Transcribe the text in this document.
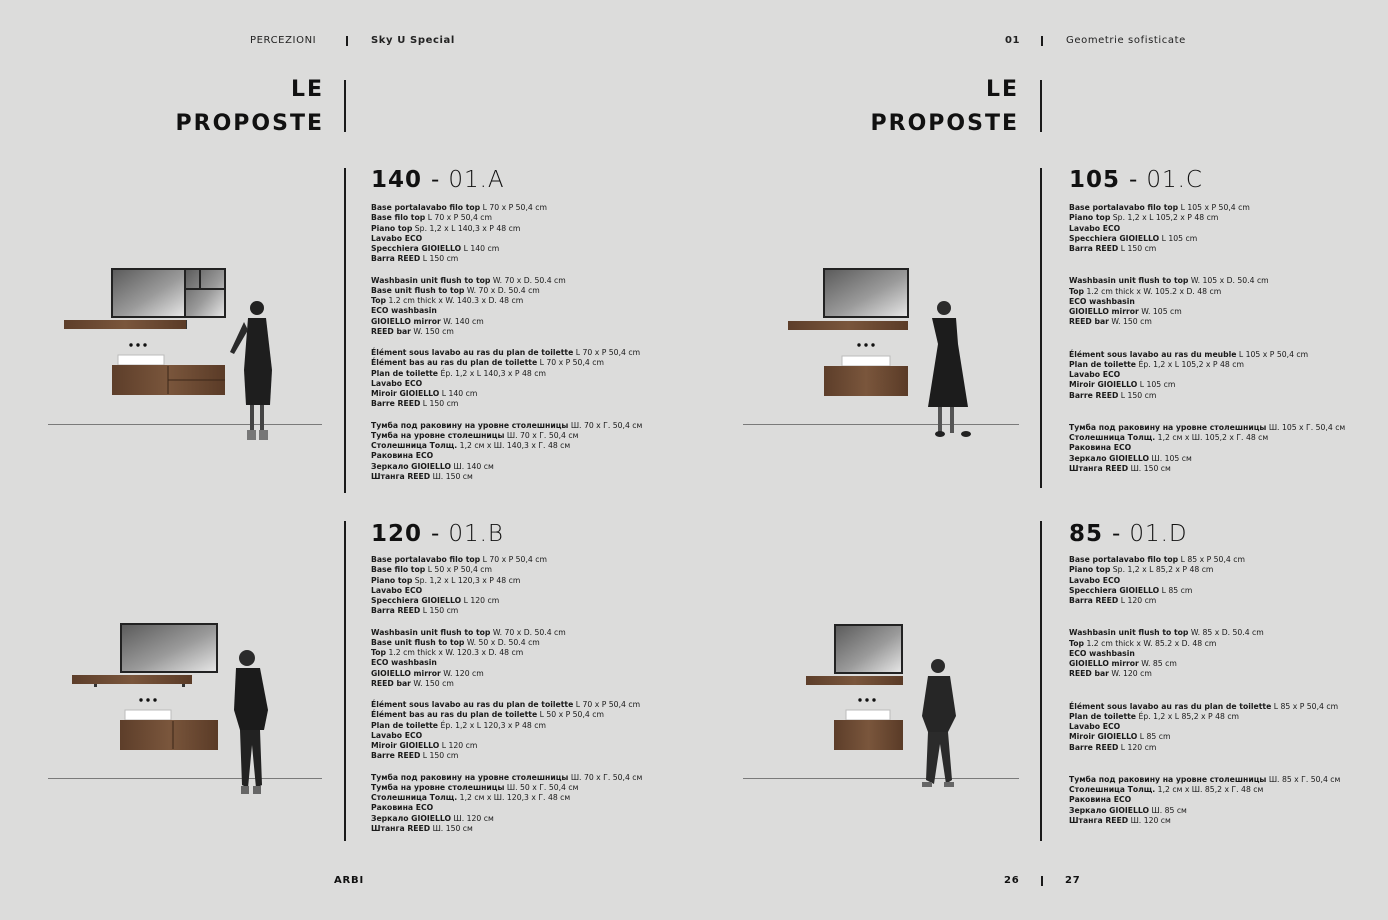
PERCEZIONI	Sky U Special	01	Geometrie sofisticate
LE
PROPOSTE
LE
PROPOSTE
140 - 01.A
Base portalavabo filo top L 70 x P 50,4 cm
Base filo top L 70 x P 50,4 cm
Piano top Sp. 1,2 x L 140,3 x P 48 cm
Lavabo ECO
Specchiera GIOIELLO L 140 cm
Barra REED L 150 cm
Washbasin unit flush to top W. 70 x D. 50.4 cm
Base unit flush to top W. 70 x D. 50.4 cm
Top 1.2 cm thick x W. 140.3 x D. 48 cm
ECO washbasin
GIOIELLO mirror W. 140 cm
REED bar W. 150 cm
Élément sous lavabo au ras du plan de toilette L 70 x P 50,4 cm
Élément bas au ras du plan de toilette L 70 x P 50,4 cm
Plan de toilette Ép. 1,2 x L 140,3 x P 48 cm
Lavabo ECO
Miroir GIOIELLO L 140 cm
Barre REED L 150 cm
Тумба под раковину на уровне столешницы Ш. 70 x Г. 50,4 см
Тумба на уровне столешницы Ш. 70 x Г. 50,4 см
Столешница Толщ. 1,2 см x Ш. 140,3 x Г. 48 см
Раковина ECO
Зеркало GIOIELLO Ш. 140 см
Штанга REED Ш. 150 см
120 - 01.B
Base portalavabo filo top L 70 x P 50,4 cm
Base filo top L 50 x P 50,4 cm
Piano top Sp. 1,2 x L 120,3 x P 48 cm
Lavabo ECO
Specchiera GIOIELLO L 120 cm
Barra REED L 150 cm
Washbasin unit flush to top W. 70 x D. 50.4 cm
Base unit flush to top W. 50 x D. 50.4 cm
Top 1.2 cm thick x W. 120.3 x D. 48 cm
ECO washbasin
GIOIELLO mirror W. 120 cm
REED bar W. 150 cm
Élément sous lavabo au ras du plan de toilette L 70 x P 50,4 cm
Élément bas au ras du plan de toilette L 50 x P 50,4 cm
Plan de toilette Ép. 1,2 x L 120,3 x P 48 cm
Lavabo ECO
Miroir GIOIELLO L 120 cm
Barre REED L 150 cm
Тумба под раковину на уровне столешницы Ш. 70 x Г. 50,4 см
Тумба на уровне столешницы Ш. 50 x Г. 50,4 см
Столешница Толщ. 1,2 см x Ш. 120,3 x Г. 48 см
Раковина ECO
Зеркало GIOIELLO Ш. 120 см
Штанга REED Ш. 150 см
105 - 01.C
Base portalavabo filo top L 105 x P 50,4 cm
Piano top Sp. 1,2 x L 105,2 x P 48 cm
Lavabo ECO
Specchiera GIOIELLO L 105 cm
Barra REED L 150 cm
Washbasin unit flush to top W. 105 x D. 50.4 cm
Top 1.2 cm thick x W. 105.2 x D. 48 cm
ECO washbasin
GIOIELLO mirror W. 105 cm
REED bar W. 150 cm
Élément sous lavabo au ras du meuble L 105 x P 50,4 cm
Plan de toilette Ép. 1,2 x L 105,2 x P 48 cm
Lavabo ECO
Miroir GIOIELLO L 105 cm
Barre REED L 150 cm
Тумба под раковину на уровне столешницы Ш. 105 x Г. 50,4 см
Столешница Толщ. 1,2 см x Ш. 105,2 x Г. 48 см
Раковина ECO
Зеркало GIOIELLO Ш. 105 см
Штанга REED Ш. 150 см
85 - 01.D
Base portalavabo filo top L 85 x P 50,4 cm
Piano top Sp. 1,2 x L 85,2 x P 48 cm
Lavabo ECO
Specchiera GIOIELLO L 85 cm
Barra REED L 120 cm
Washbasin unit flush to top W. 85 x D. 50.4 cm
Top 1.2 cm thick x W. 85.2 x D. 48 cm
ECO washbasin
GIOIELLO mirror W. 85 cm
REED bar W. 120 cm
Élément sous lavabo au ras du plan de toilette L 85 x P 50,4 cm
Plan de toilette Ép. 1,2 x L 85,2 x P 48 cm
Lavabo ECO
Miroir GIOIELLO L 85 cm
Barre REED L 120 cm
Тумба под раковину на уровне столешницы Ш. 85 x Г. 50,4 см
Столешница Толщ. 1,2 см x Ш. 85,2 x Г. 48 см
Раковина ECO
Зеркало GIOIELLO Ш. 85 см
Штанга REED Ш. 120 см
ARBI	26	27
